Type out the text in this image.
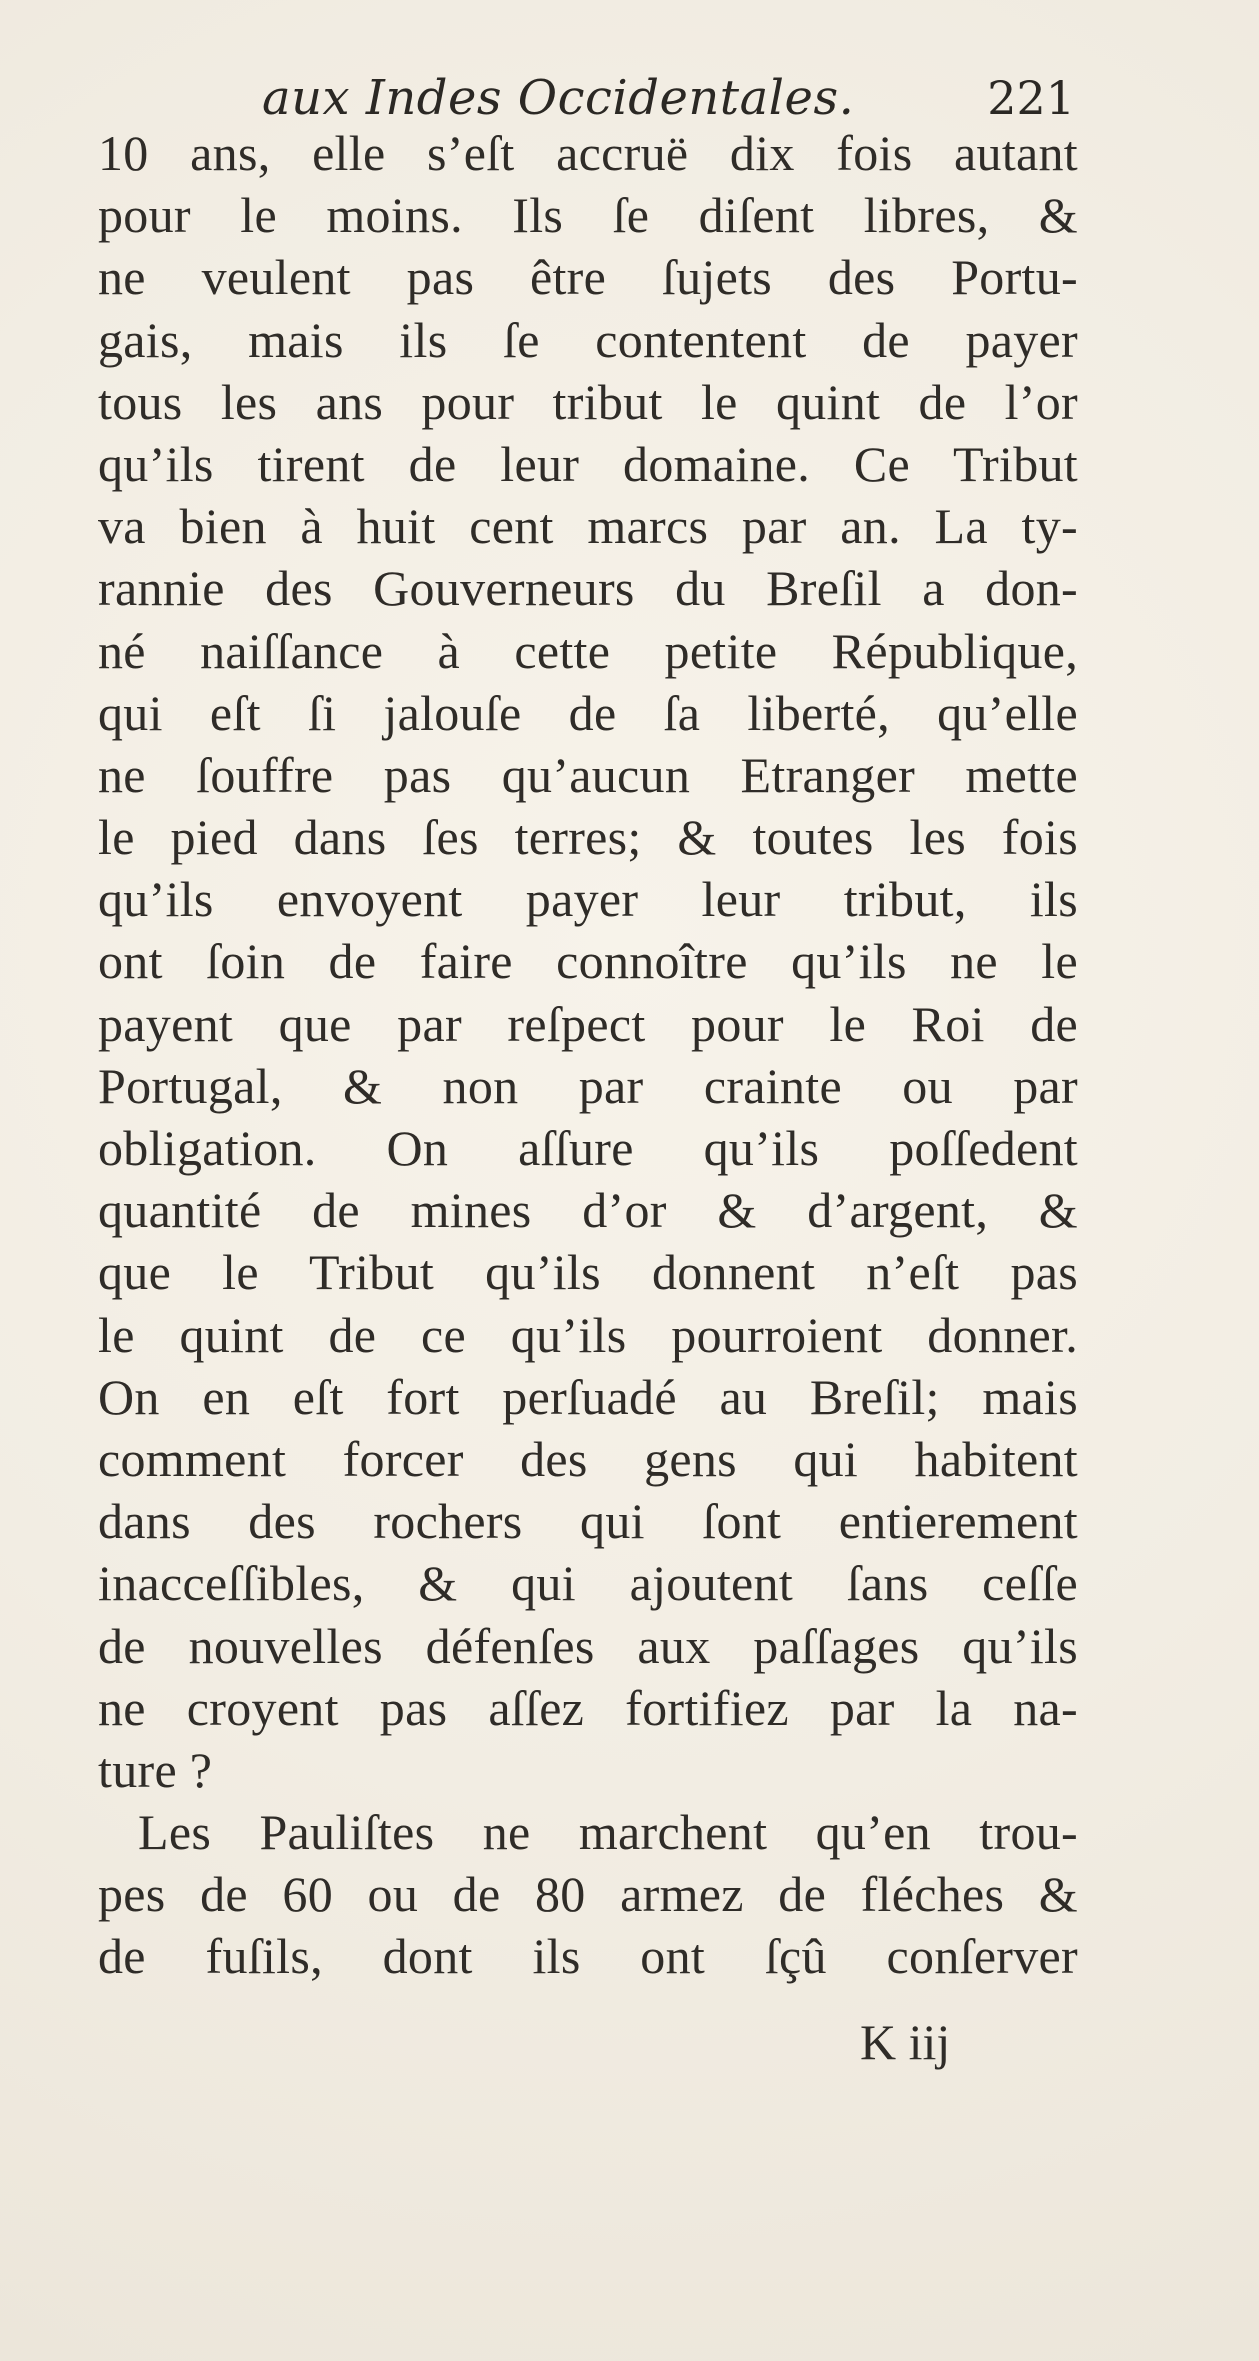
aux Indes Occidentales.	221
10 ans, elle s’eſt accruë dix fois autant
pour le moins. Ils ſe diſent libres, &
ne veulent pas être ſujets des Portu-
gais, mais ils ſe contentent de payer
tous les ans pour tribut le quint de l’or
qu’ils tirent de leur domaine. Ce Tribut
va bien à huit cent marcs par an. La ty-
rannie des Gouverneurs du Breſil a don-
né naiſſance à cette petite République,
qui eſt ſi jalouſe de ſa liberté, qu’elle
ne ſouffre pas qu’aucun Etranger mette
le pied dans ſes terres; & toutes les fois
qu’ils envoyent payer leur tribut, ils
ont ſoin de faire connoître qu’ils ne le
payent que par reſpect pour le Roi de
Portugal, & non par crainte ou par
obligation. On aſſure qu’ils poſſedent
quantité de mines d’or & d’argent, &
que le Tribut qu’ils donnent n’eſt pas
le quint de ce qu’ils pourroient donner.
On en eſt fort perſuadé au Breſil; mais
comment forcer des gens qui habitent
dans des rochers qui ſont entierement
inacceſſibles, & qui ajoutent ſans ceſſe
de nouvelles défenſes aux paſſages qu’ils
ne croyent pas aſſez fortifiez par la na-
ture ?
Les Pauliſtes ne marchent qu’en trou-
pes de 60 ou de 80 armez de fléches &
de fuſils, dont ils ont ſçû conſerver
K iij
